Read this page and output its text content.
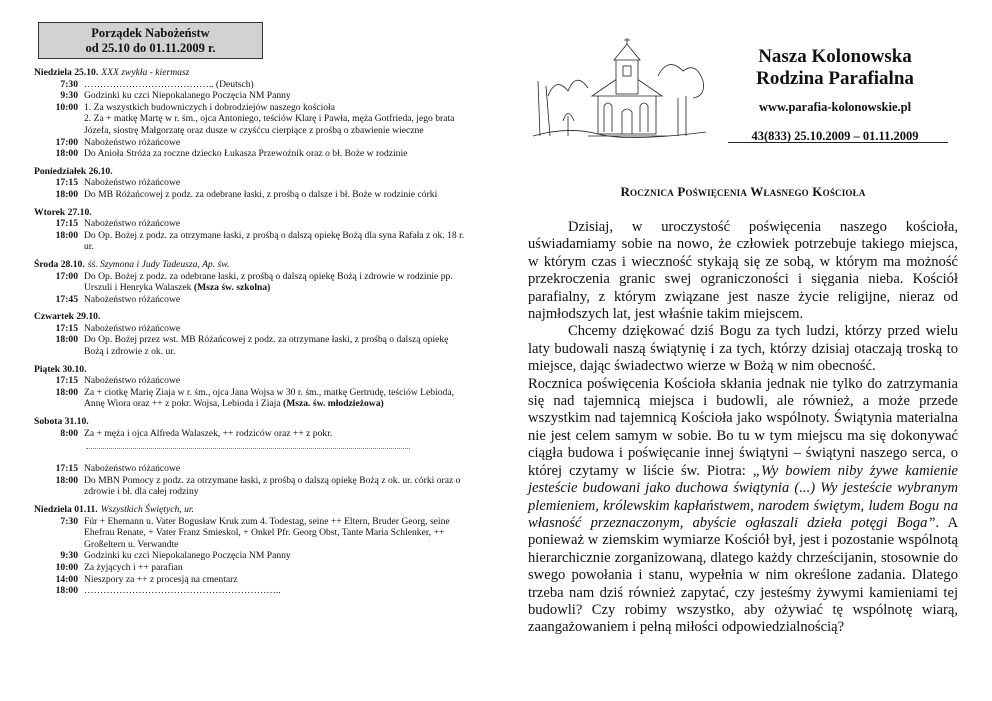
Porządek Nabożeństw
od 25.10 do 01.11.2009 r.
Niedziela 25.10. XXX zwykła - kiermasz
7:30 ………………………………….. (Deutsch)
9:30 Godzinki ku czci Niepokalanego Poczęcia NM Panny
10:00 1. Za wszystkich budowniczych i dobrodziejów naszego kościoła
2. Za + matkę Martę w r. śm., ojca Antoniego, teściów Klarę i Pawła, męża Gotfrieda, jego brata Józefa, siostrę Małgorzatę oraz dusze w czyśćcu cierpiące z prośbą o zbawienie wieczne
17:00 Nabożeństwo różańcowe
18:00 Do Anioła Stróża za roczne dziecko Łukasza Przewoźnik oraz o bł. Boże w rodzinie
Poniedziałek 26.10.
17:15 Nabożeństwo różańcowe
18:00 Do MB Różańcowej z podz. za odebrane łaski, z prośbą o dalsze i bł. Boże w rodzinie córki
Wtorek 27.10.
17:15 Nabożeństwo różańcowe
18:00 Do Op. Bożej z podz. za otrzymane łaski, z prośbą o dalszą opiekę Bożą dla syna Rafała z ok. 18 r. ur.
Środa 28.10. śś. Szymona i Judy Tadeusza, Ap. św.
17:00 Do Op. Bożej z podz. za odebrane łaski, z prośbą o dalszą opiekę Bożą i zdrowie w rodzinie pp. Urszuli i Henryka Walaszek (Msza św. szkolna)
17:45 Nabożeństwo różańcowe
Czwartek 29.10.
17:15 Nabożeństwo różańcowe
18:00 Do Op. Bożej przez wst. MB Różańcowej z podz. za otrzymane łaski, z prośbą o dalszą opiekę Bożą i zdrowie z ok. ur.
Piątek 30.10.
17:15 Nabożeństwo różańcowe
18:00 Za + ciotkę Marię Ziaja w r. śm., ojca Jana Wojsa w 30 r. śm., matkę Gertrudę, teściów Lebioda, Annę Wiora oraz ++ z pokr. Wojsa, Lebioda i Ziaja (Msza. św. młodzieżowa)
Sobota 31.10.
8:00 Za + męża i ojca Alfreda Walaszek, ++ rodziców oraz ++ z pokr.
17:15 Nabożeństwo różańcowe
18:00 Do MBN Pomocy z podz. za otrzymane łaski, z prośbą o dalszą opiekę Bożą z ok. ur. córki oraz o zdrowie i bł. dla całej rodziny
Niedziela 01.11. Wszystkich Świętych, ur.
7:30 Für + Ehemann u. Vater Bogusław Kruk zum 4. Todestag, seine ++ Eltern, Bruder Georg, seine Ehefrau Renate, + Vater Franz Smieskol, + Onkel Pfr. Georg Obst, Tante Maria Schlenker, ++ Großeltern u. Verwandte
9:30 Godzinki ku czci Niepokalanego Poczęcia NM Panny
10:00 Za żyjących i ++ parafian
14:00 Nieszpory za ++ z procesją na cmentarz
18:00 ……………………………………………………..
Nasza Kolonowska
Rodzina Parafialna
www.parafia-kolonowskie.pl
43(833) 25.10.2009 – 01.11.2009
Rocznica Poświęcenia Własnego Kościoła

Dzisiaj, w uroczystość poświęcenia naszego kościoła, uświadamiamy sobie na nowo, że człowiek potrzebuje takiego miejsca, w którym czas i wieczność stykają się ze sobą, w którym ma możność przekroczenia granic swej ograniczoności i sięgania nieba. Kościół parafialny, z którym związane jest nasze życie religijne, nieraz od najmłodszych lat, jest właśnie takim miejscem.

Chcemy dziękować dziś Bogu za tych ludzi, którzy przed wielu laty budowali naszą świątynię i za tych, którzy dzisiaj otaczają troską to miejsce, dając świadectwo wierze w Bożą w nim obecność.

Rocznica poświęcenia Kościoła skłania jednak nie tylko do zatrzymania się nad tajemnicą miejsca i budowli, ale również, a może przede wszystkim nad tajemnicą Kościoła jako wspólnoty. Świątynia materialna nie jest celem samym w sobie. Bo tu w tym miejscu ma się dokonywać ciągła budowa i poświęcanie innej świątyni – świątyni naszego serca, o której czytamy w liście św. Piotra: „Wy bowiem niby żywe kamienie jesteście budowani jako duchowa świątynia (...) Wy jesteście wybranym plemieniem, królewskim kapłaństwem, narodem świętym, ludem Bogu na własność przeznaczonym, abyście ogłaszali dzieła potęgi Boga”. A ponieważ w ziemskim wymiarze Kościół był, jest i pozostanie wspólnotą hierarchicznie zorganizowaną, dlatego każdy chrześcijanin, stosownie do swego powołania i stanu, wypełnia w nim określone zadania. Dlatego trzeba nam dziś również zapytać, czy jesteśmy żywymi kamieniami tej budowli? Czy robimy wszystko, aby ożywiać tę wspólnotę wiarą, zaangażowaniem i pełną miłości odpowiedzialnością?
